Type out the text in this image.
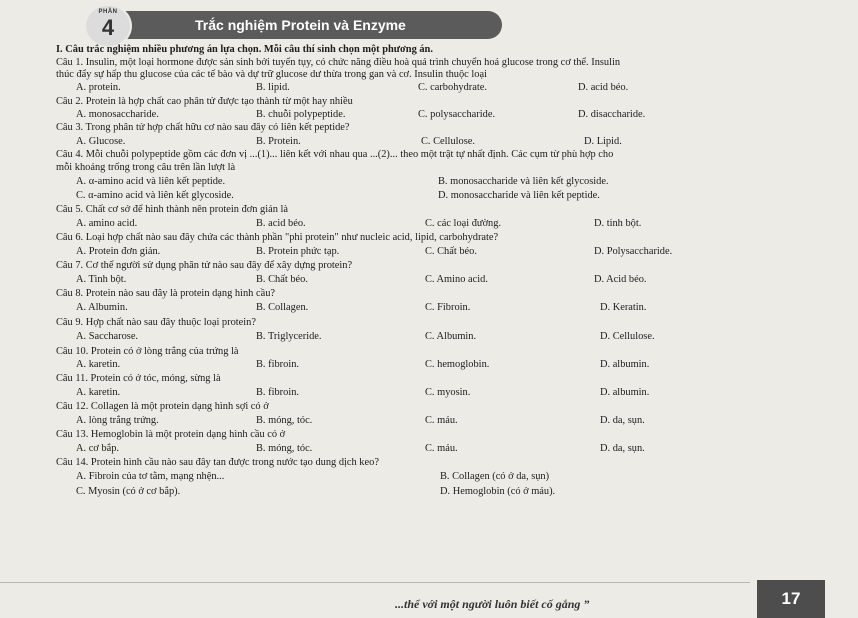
PHẦN
4	Trắc nghiệm Protein và Enzyme
I. Câu trắc nghiệm nhiều phương án lựa chọn. Mỗi câu thí sinh chọn một phương án.
Câu 1. Insulin, một loại hormone được sản sinh bởi tuyến tụy, có chức năng điều hoà quá trình chuyển hoá glucose trong cơ thể. Insulin
thúc đẩy sự hấp thu glucose của các tế bào và dự trữ glucose dư thừa trong gan và cơ. Insulin thuộc loại
A. protein.	B. lipid.	C. carbohydrate.	D. acid béo.
Câu 2. Protein là hợp chất cao phân tử được tạo thành từ một hay nhiều
A. monosaccharide.	B. chuỗi polypeptide.	C. polysaccharide.	D. disaccharide.
Câu 3. Trong phân tử hợp chất hữu cơ nào sau đây có liên kết peptide?
A. Glucose.	B. Protein.	C. Cellulose.	D. Lipid.
Câu 4. Mỗi chuỗi polypeptide gồm các đơn vị ...(1)... liên kết với nhau qua ...(2)... theo một trật tự nhất định. Các cụm từ phù hợp cho
mỗi khoảng trống trong câu trên lần lượt là
A. α-amino acid và liên kết peptide.	B. monosaccharide và liên kết glycoside.
C. α-amino acid và liên kết glycoside.	D. monosaccharide và liên kết peptide.
Câu 5. Chất cơ sở để hình thành nên protein đơn giản là
A. amino acid.	B. acid béo.	C. các loại đường.	D. tinh bột.
Câu 6. Loại hợp chất nào sau đây chứa các thành phần "phi protein" như nucleic acid, lipid, carbohydrate?
A. Protein đơn giản.	B. Protein phức tạp.	C. Chất béo.	D. Polysaccharide.
Câu 7. Cơ thể người sử dụng phân tử nào sau đây để xây dựng protein?
A. Tinh bột.	B. Chất béo.	C. Amino acid.	D. Acid béo.
Câu 8. Protein nào sau đây là protein dạng hình cầu?
A. Albumin.	B. Collagen.	C. Fibroin.	D. Keratin.
Câu 9. Hợp chất nào sau đây thuộc loại protein?
A. Saccharose.	B. Triglyceride.	C. Albumin.	D. Cellulose.
Câu 10. Protein có ở lòng trắng của trứng là
A. karetin.	B. fibroin.	C. hemoglobin.	D. albumin.
Câu 11. Protein có ở tóc, móng, sừng là
A. karetin.	B. fibroin.	C. myosin.	D. albumin.
Câu 12. Collagen là một protein dạng hình sợi có ở
A. lòng trắng trứng.	B. móng, tóc.	C. máu.	D. da, sụn.
Câu 13. Hemoglobin là một protein dạng hình cầu có ở
A. cơ bắp.	B. móng, tóc.	C. máu.	D. da, sụn.
Câu 14. Protein hình cầu nào sau đây tan được trong nước tạo dung dịch keo?
A. Fibroin của tơ tằm, mạng nhện...	B. Collagen (có ở da, sụn)
C. Myosin (có ở cơ bắp).	D. Hemoglobin (có ở máu).
...thể với một người luôn biết cố gắng ”	17
